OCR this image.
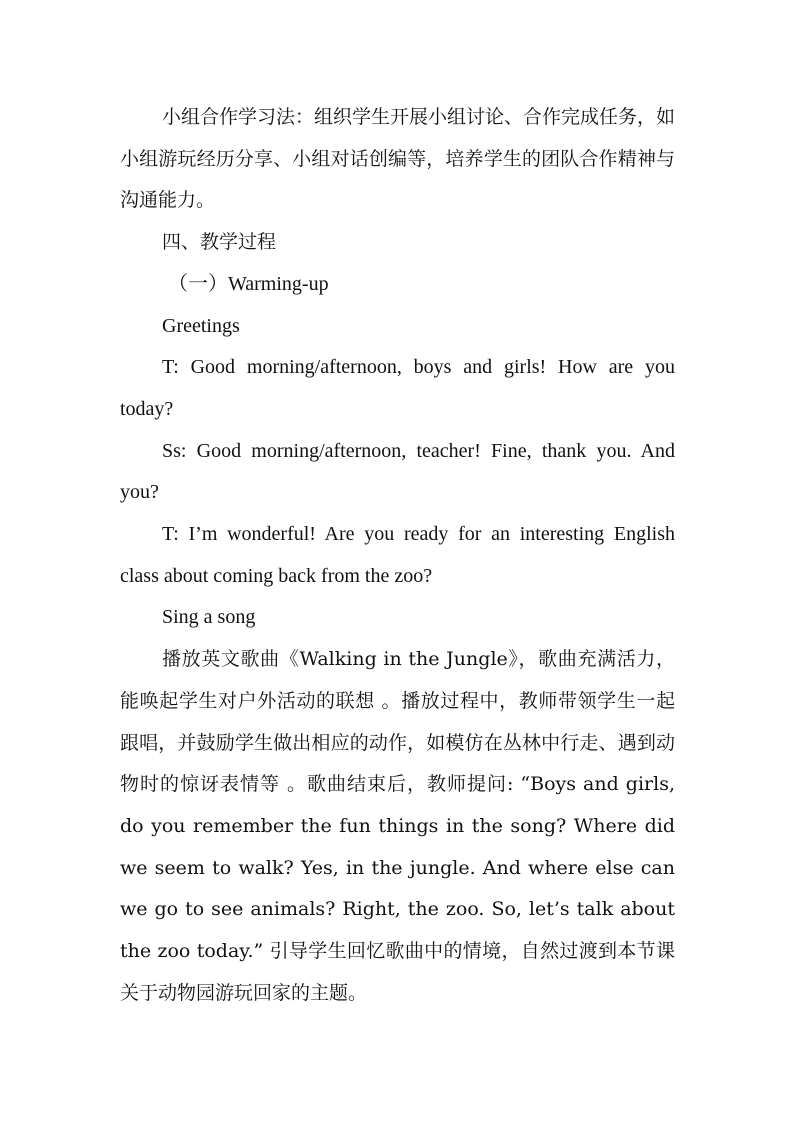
小组合作学习法：组织学生开展小组讨论、合作完成任务，如小组游玩经历分享、小组对话创编等，培养学生的团队合作精神与沟通能力。

四、教学过程

（一）Warming-up

Greetings

T: Good morning/afternoon, boys and girls! How are you today?

Ss: Good morning/afternoon, teacher! Fine, thank you. And you?

T: I’m wonderful! Are you ready for an interesting English class about coming back from the zoo?

Sing a song

播放英文歌曲《Walking in the Jungle》，歌曲充满活力，能唤起学生对户外活动的联想 。播放过程中，教师带领学生一起跟唱，并鼓励学生做出相应的动作，如模仿在丛林中行走、遇到动物时的惊讶表情等 。歌曲结束后，教师提问: “Boys and girls, do you remember the fun things in the song? Where did we seem to walk? Yes, in the jungle. And where else can we go to see animals? Right, the zoo. So, let’s talk about the zoo today.” 引导学生回忆歌曲中的情境，自然过渡到本节课关于动物园游玩回家的主题。
